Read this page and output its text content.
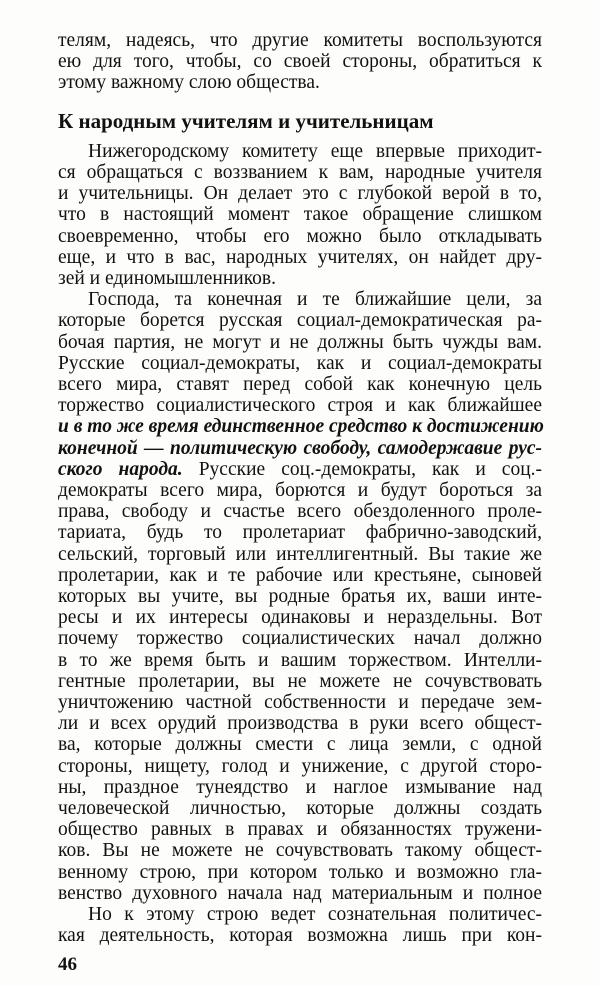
телям, надеясь, что другие комитеты воспользуются
ею для того, чтобы, со своей стороны, обратиться к
этому важному слою общества.
К народным учителям и учительницам
Нижегородскому комитету еще впервые приходит-
ся обращаться с воззванием к вам, народные учителя
и учительницы. Он делает это с глубокой верой в то,
что в настоящий момент такое обращение слишком
своевременно, чтобы его можно было откладывать
еще, и что в вас, народных учителях, он найдет дру-
зей и единомышленников.
Господа, та конечная и те ближайшие цели, за
которые борется русская социал-демократическая ра-
бочая партия, не могут и не должны быть чужды вам.
Русские социал-демократы, как и социал-демократы
всего мира, ставят перед собой как конечную цель
торжество социалистического строя и как ближайшее
и в то же время единственное средство к достижению
конечной — политическую свободу, самодержавие рус-
ского народа. Русские соц.-демократы, как и соц.-
демократы всего мира, борются и будут бороться за
права, свободу и счастье всего обездоленного проле-
тариата, будь то пролетариат фабрично-заводский,
сельский, торговый или интеллигентный. Вы такие же
пролетарии, как и те рабочие или крестьяне, сыновей
которых вы учите, вы родные братья их, ваши инте-
ресы и их интересы одинаковы и нераздельны. Вот
почему торжество социалистических начал должно
в то же время быть и вашим торжеством. Интелли-
гентные пролетарии, вы не можете не сочувствовать
уничтожению частной собственности и передаче зем-
ли и всех орудий производства в руки всего общест-
ва, которые должны смести с лица земли, с одной
стороны, нищету, голод и унижение, с другой сторо-
ны, праздное тунеядство и наглое измывание над
человеческой личностью, которые должны создать
общество равных в правах и обязанностях тружени-
ков. Вы не можете не сочувствовать такому общест-
венному строю, при котором только и возможно гла-
венство духовного начала над материальным и полное
Но к этому строю ведет сознательная политичес-
кая деятельность, которая возможна лишь при кон-
46
